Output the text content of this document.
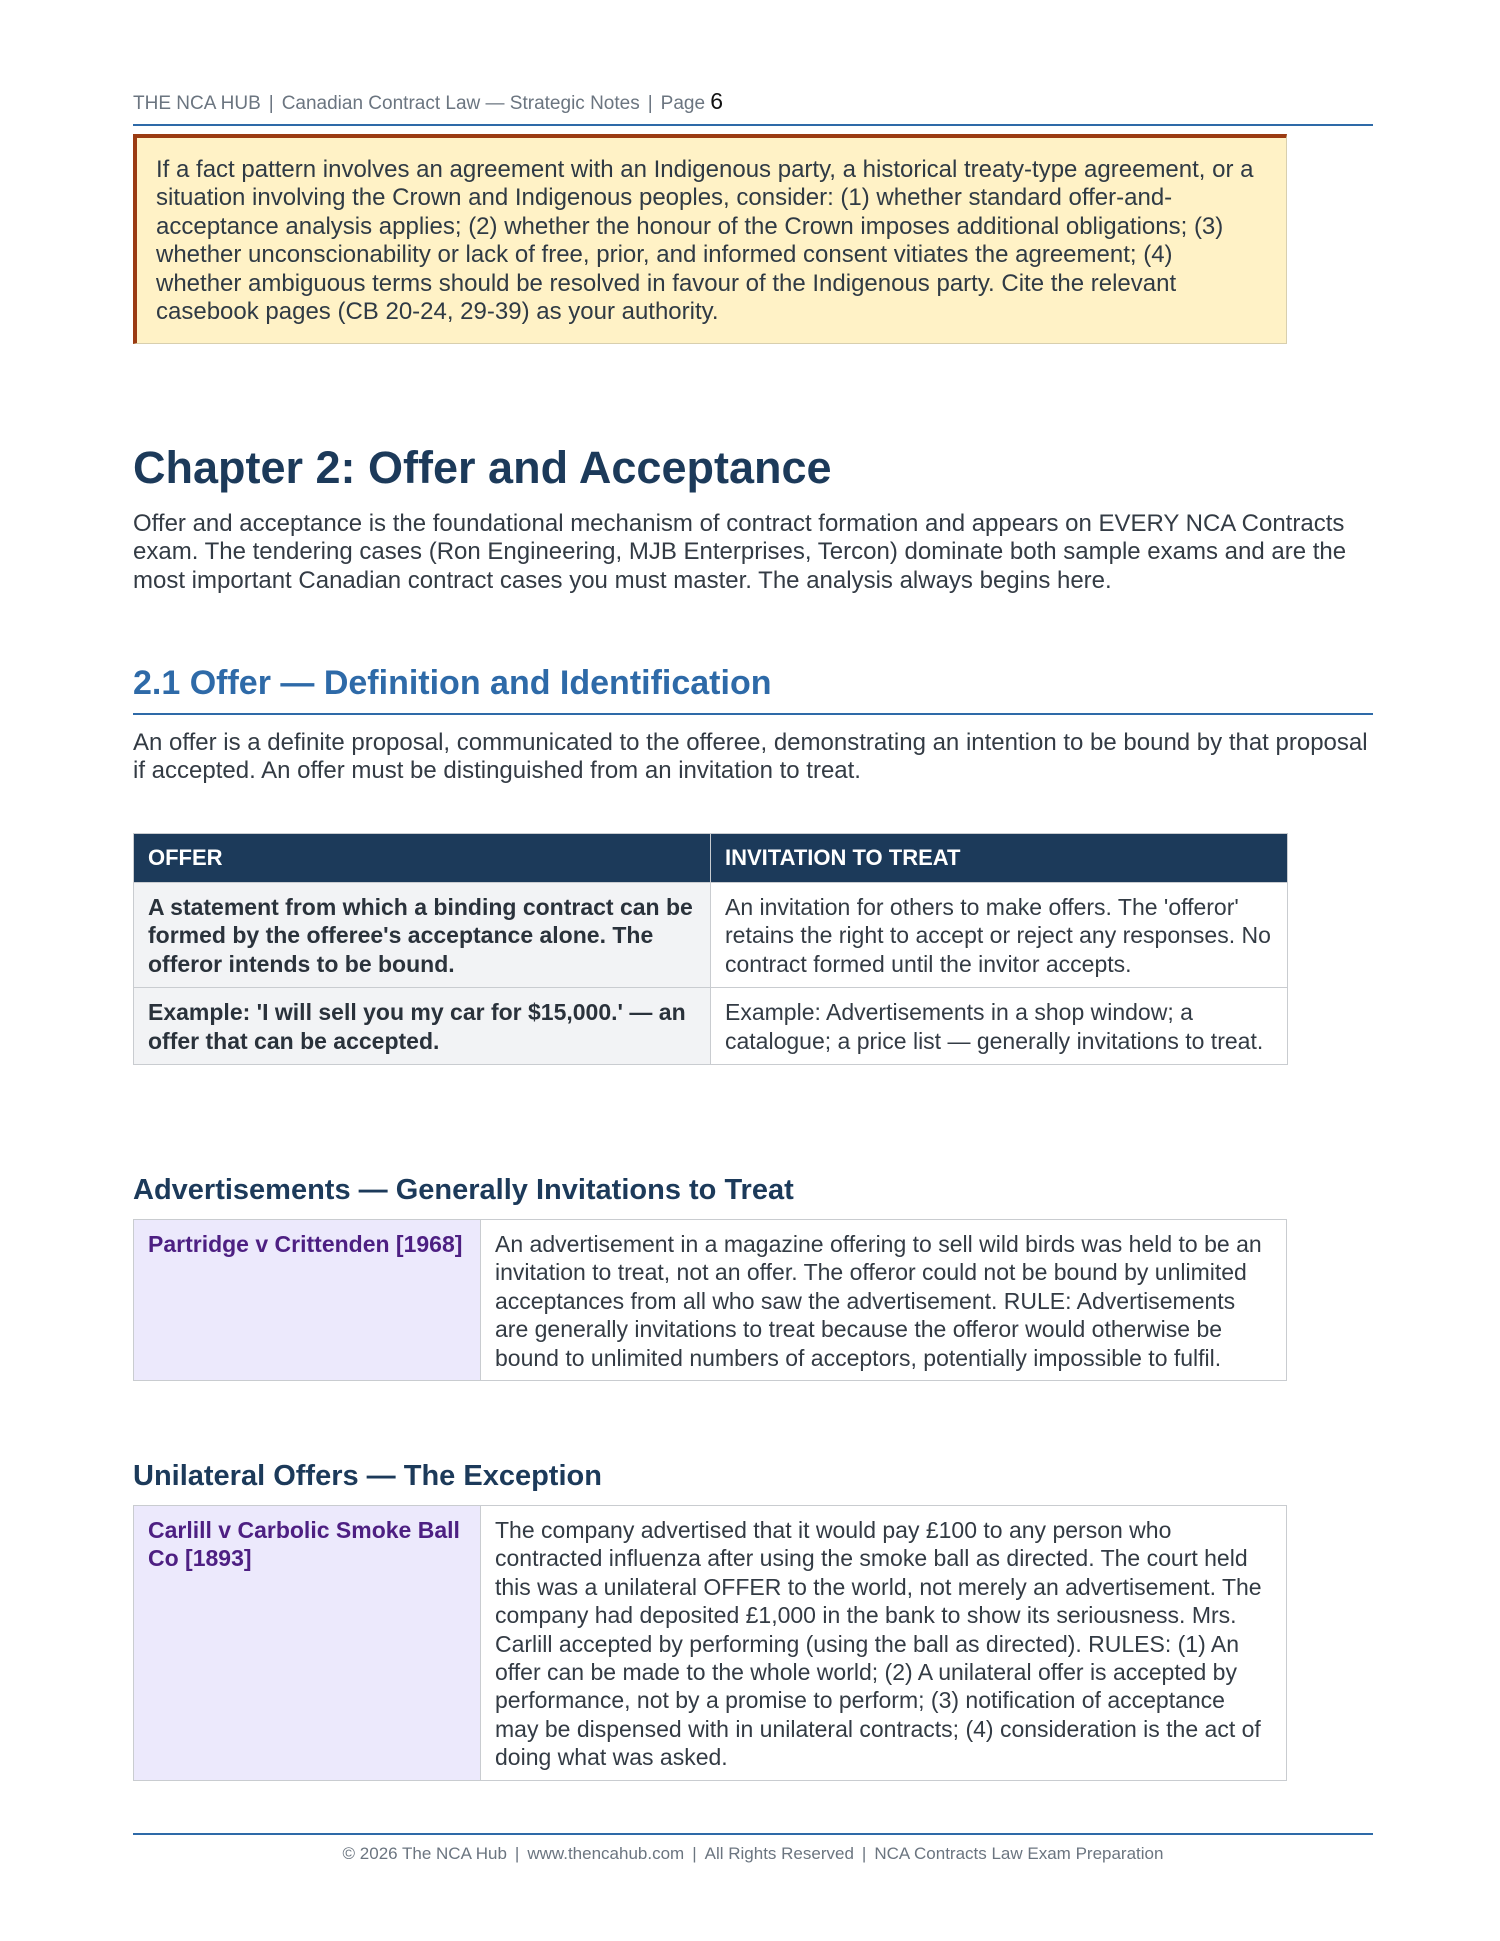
THE NCA HUB | Canadian Contract Law — Strategic Notes | Page 6
If a fact pattern involves an agreement with an Indigenous party, a historical treaty-type agreement, or a situation involving the Crown and Indigenous peoples, consider: (1) whether standard offer-and-acceptance analysis applies; (2) whether the honour of the Crown imposes additional obligations; (3) whether unconscionability or lack of free, prior, and informed consent vitiates the agreement; (4) whether ambiguous terms should be resolved in favour of the Indigenous party. Cite the relevant casebook pages (CB 20-24, 29-39) as your authority.
Chapter 2: Offer and Acceptance
Offer and acceptance is the foundational mechanism of contract formation and appears on EVERY NCA Contracts exam. The tendering cases (Ron Engineering, MJB Enterprises, Tercon) dominate both sample exams and are the most important Canadian contract cases you must master. The analysis always begins here.
2.1 Offer — Definition and Identification
An offer is a definite proposal, communicated to the offeree, demonstrating an intention to be bound by that proposal if accepted. An offer must be distinguished from an invitation to treat.
OFFER	INVITATION TO TREAT
A statement from which a binding contract can be formed by the offeree's acceptance alone. The offeror intends to be bound.	An invitation for others to make offers. The 'offeror' retains the right to accept or reject any responses. No contract formed until the invitor accepts.
Example: 'I will sell you my car for $15,000.' — an offer that can be accepted.	Example: Advertisements in a shop window; a catalogue; a price list — generally invitations to treat.
Advertisements — Generally Invitations to Treat
Partridge v Crittenden [1968]	An advertisement in a magazine offering to sell wild birds was held to be an invitation to treat, not an offer. The offeror could not be bound by unlimited acceptances from all who saw the advertisement. RULE: Advertisements are generally invitations to treat because the offeror would otherwise be bound to unlimited numbers of acceptors, potentially impossible to fulfil.
Unilateral Offers — The Exception
Carlill v Carbolic Smoke Ball Co [1893]	The company advertised that it would pay £100 to any person who contracted influenza after using the smoke ball as directed. The court held this was a unilateral OFFER to the world, not merely an advertisement. The company had deposited £1,000 in the bank to show its seriousness. Mrs. Carlill accepted by performing (using the ball as directed). RULES: (1) An offer can be made to the whole world; (2) A unilateral offer is accepted by performance, not by a promise to perform; (3) notification of acceptance may be dispensed with in unilateral contracts; (4) consideration is the act of doing what was asked.
© 2026 The NCA Hub | www.thencahub.com | All Rights Reserved | NCA Contracts Law Exam Preparation
